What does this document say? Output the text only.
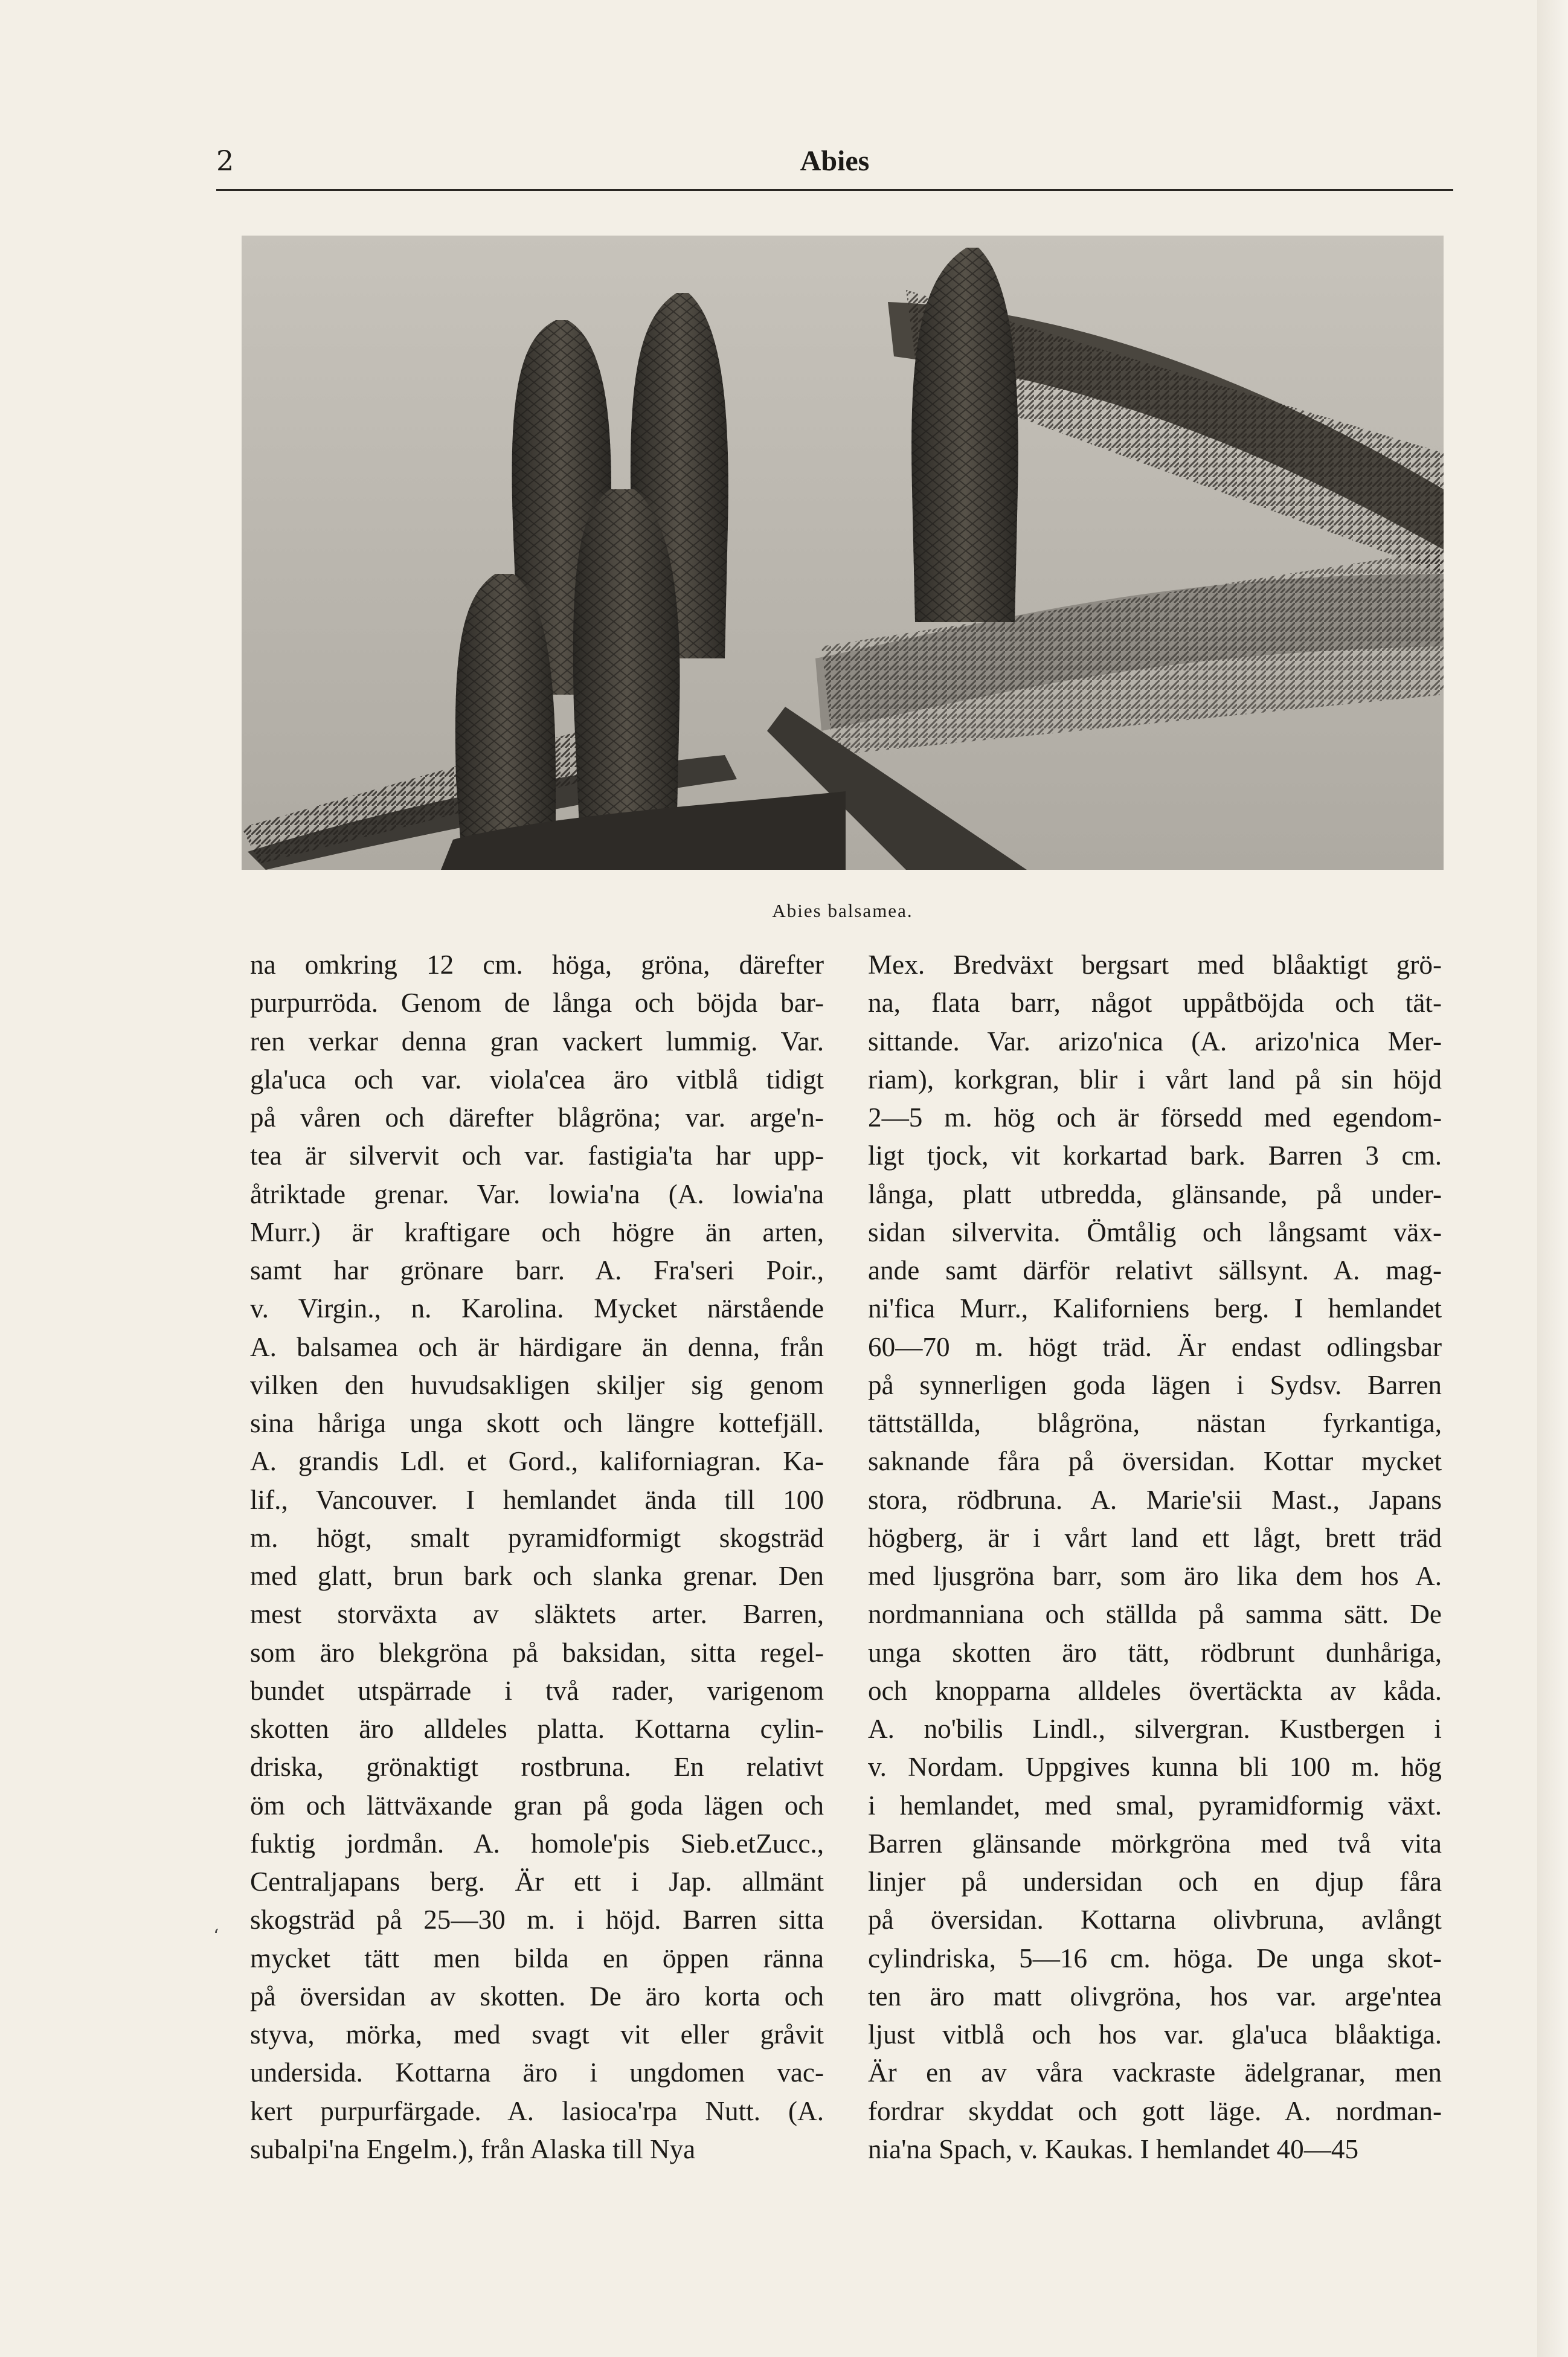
2	Abies
Abies balsamea.
na omkring 12 cm. höga, gröna, därefter
purpurröda. Genom de långa och böjda bar-
ren verkar denna gran vackert lummig. Var.
gla'uca och var. viola'cea äro vitblå tidigt
på våren och därefter blågröna; var. arge'n-
tea är silvervit och var. fastigia'ta har upp-
åtriktade grenar. Var. lowia'na (A. lowia'na
Murr.) är kraftigare och högre än arten,
samt har grönare barr. A. Fra'seri Poir.,
v. Virgin., n. Karolina. Mycket närstående
A. balsamea och är härdigare än denna, från
vilken den huvudsakligen skiljer sig genom
sina håriga unga skott och längre kottefjäll.
A. grandis Ldl. et Gord., kaliforniagran. Ka-
lif., Vancouver. I hemlandet ända till 100
m. högt, smalt pyramidformigt skogsträd
med glatt, brun bark och slanka grenar. Den
mest storväxta av släktets arter. Barren,
som äro blekgröna på baksidan, sitta regel-
bundet utspärrade i två rader, varigenom
skotten äro alldeles platta. Kottarna cylin-
driska, grönaktigt rostbruna. En relativt
öm och lättväxande gran på goda lägen och
fuktig jordmån. A. homole'pis Sieb.etZucc.,
Centraljapans berg. Är ett i Jap. allmänt
skogsträd på 25—30 m. i höjd. Barren sitta
mycket tätt men bilda en öppen ränna
på översidan av skotten. De äro korta och
styva, mörka, med svagt vit eller gråvit
undersida. Kottarna äro i ungdomen vac-
kert purpurfärgade. A. lasioca'rpa Nutt. (A.
subalpi'na Engelm.), från Alaska till Nya
Mex. Bredväxt bergsart med blåaktigt grö-
na, flata barr, något uppåtböjda och tät-
sittande. Var. arizo'nica (A. arizo'nica Mer-
riam), korkgran, blir i vårt land på sin höjd
2—5 m. hög och är försedd med egendom-
ligt tjock, vit korkartad bark. Barren 3 cm.
långa, platt utbredda, glänsande, på under-
sidan silvervita. Ömtålig och långsamt väx-
ande samt därför relativt sällsynt. A. mag-
ni'fica Murr., Kaliforniens berg. I hemlandet
60—70 m. högt träd. Är endast odlingsbar
på synnerligen goda lägen i Sydsv. Barren
tättställda, blågröna, nästan fyrkantiga,
saknande fåra på översidan. Kottar mycket
stora, rödbruna. A. Marie'sii Mast., Japans
högberg, är i vårt land ett lågt, brett träd
med ljusgröna barr, som äro lika dem hos A.
nordmanniana och ställda på samma sätt. De
unga skotten äro tätt, rödbrunt dunhåriga,
och knopparna alldeles övertäckta av kåda.
A. no'bilis Lindl., silvergran. Kustbergen i
v. Nordam. Uppgives kunna bli 100 m. hög
i hemlandet, med smal, pyramidformig växt.
Barren glänsande mörkgröna med två vita
linjer på undersidan och en djup fåra
på översidan. Kottarna olivbruna, avlångt
cylindriska, 5—16 cm. höga. De unga skot-
ten äro matt olivgröna, hos var. arge'ntea
ljust vitblå och hos var. gla'uca blåaktiga.
Är en av våra vackraste ädelgranar, men
fordrar skyddat och gott läge. A. nordman-
nia'na Spach, v. Kaukas. I hemlandet 40—45
ʻ
